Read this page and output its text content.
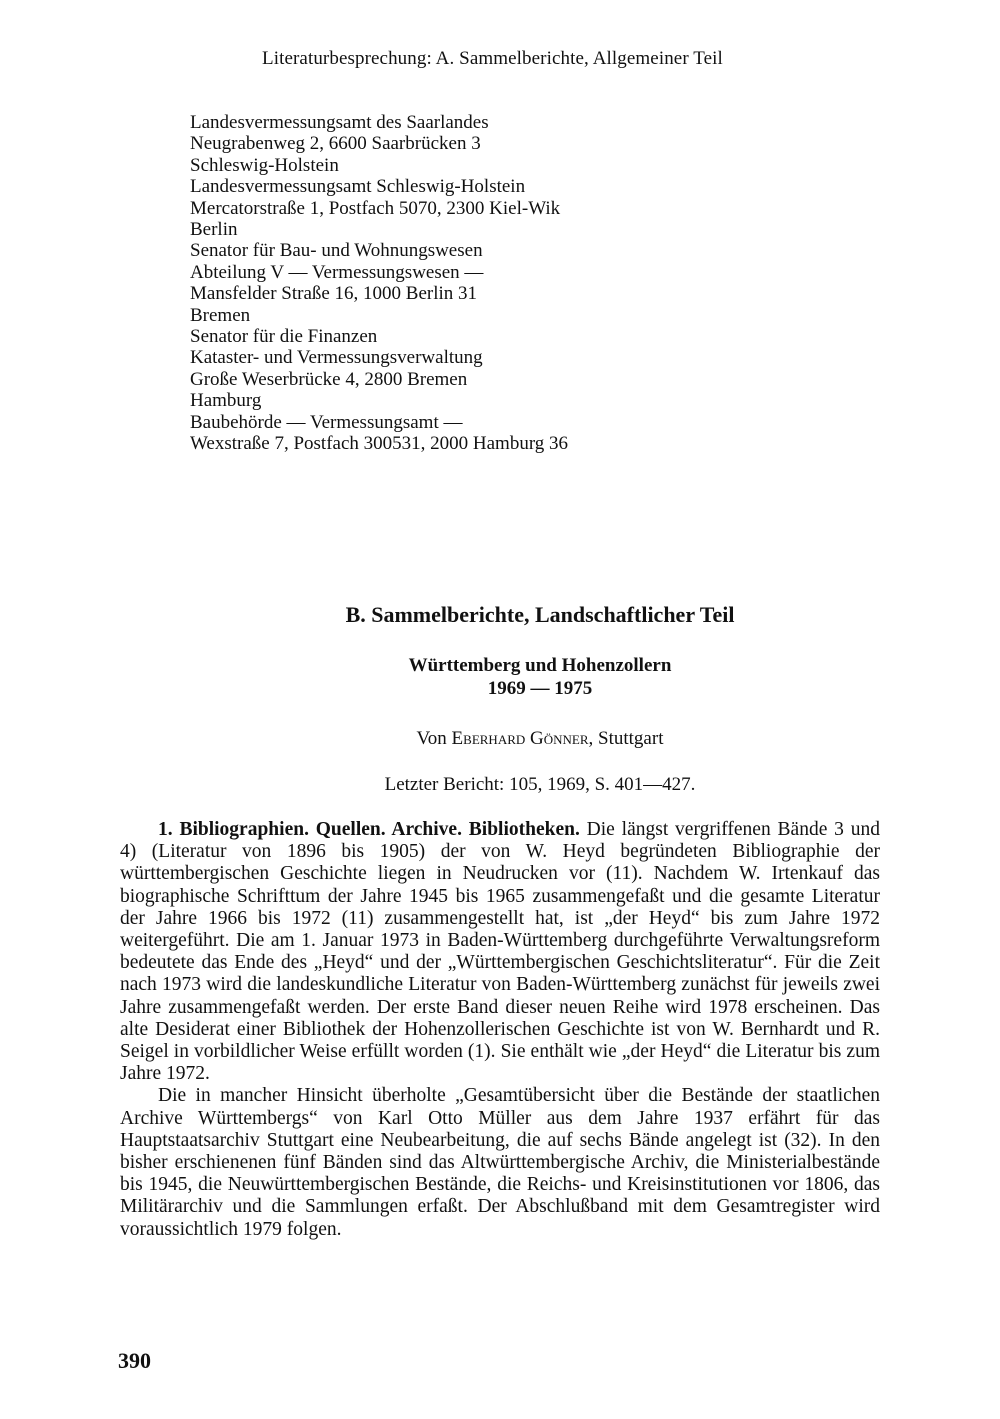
Literaturbesprechung: A. Sammelberichte, Allgemeiner Teil
Landesvermessungsamt des Saarlandes
Neugrabenweg 2, 6600 Saarbrücken 3
Schleswig-Holstein
Landesvermessungsamt Schleswig-Holstein
Mercatorstraße 1, Postfach 5070, 2300 Kiel-Wik
Berlin
Senator für Bau- und Wohnungswesen
Abteilung V — Vermessungswesen —
Mansfelder Straße 16, 1000 Berlin 31
Bremen
Senator für die Finanzen
Kataster- und Vermessungsverwaltung
Große Weserbrücke 4, 2800 Bremen
Hamburg
Baubehörde — Vermessungsamt —
Wexstraße 7, Postfach 300531, 2000 Hamburg 36
B. Sammelberichte, Landschaftlicher Teil
Württemberg und Hohenzollern
1969 — 1975
Von Eberhard Gönner, Stuttgart
Letzter Bericht: 105, 1969, S. 401—427.

1. Bibliographien. Quellen. Archive. Bibliotheken. Die längst vergriffenen Bände 3 und 4) (Literatur von 1896 bis 1905) der von W. Heyd begründeten Bibliographie der württembergischen Geschichte liegen in Neudrucken vor (11). Nachdem W. Irtenkauf das biographische Schrifttum der Jahre 1945 bis 1965 zusammengefaßt und die gesamte Literatur der Jahre 1966 bis 1972 (11) zusammengestellt hat, ist „der Heyd“ bis zum Jahre 1972 weitergeführt. Die am 1. Januar 1973 in Baden-Württemberg durchgeführte Verwaltungsreform bedeutete das Ende des „Heyd“ und der „Württembergischen Geschichtsliteratur“. Für die Zeit nach 1973 wird die landeskundliche Literatur von Baden-Württemberg zunächst für jeweils zwei Jahre zusammengefaßt werden. Der erste Band dieser neuen Reihe wird 1978 erscheinen. Das alte Desiderat einer Bibliothek der Hohenzollerischen Geschichte ist von W. Bernhardt und R. Seigel in vorbildlicher Weise erfüllt worden (1). Sie enthält wie „der Heyd“ die Literatur bis zum Jahre 1972.

Die in mancher Hinsicht überholte „Gesamtübersicht über die Bestände der staatlichen Archive Württembergs“ von Karl Otto Müller aus dem Jahre 1937 erfährt für das Hauptstaatsarchiv Stuttgart eine Neubearbeitung, die auf sechs Bände angelegt ist (32). In den bisher erschienenen fünf Bänden sind das Altwürttembergische Archiv, die Ministerialbestände bis 1945, die Neuwürttembergischen Bestände, die Reichs- und Kreisinstitutionen vor 1806, das Militärarchiv und die Sammlungen erfaßt. Der Abschlußband mit dem Gesamtregister wird voraussichtlich 1979 folgen.

390
